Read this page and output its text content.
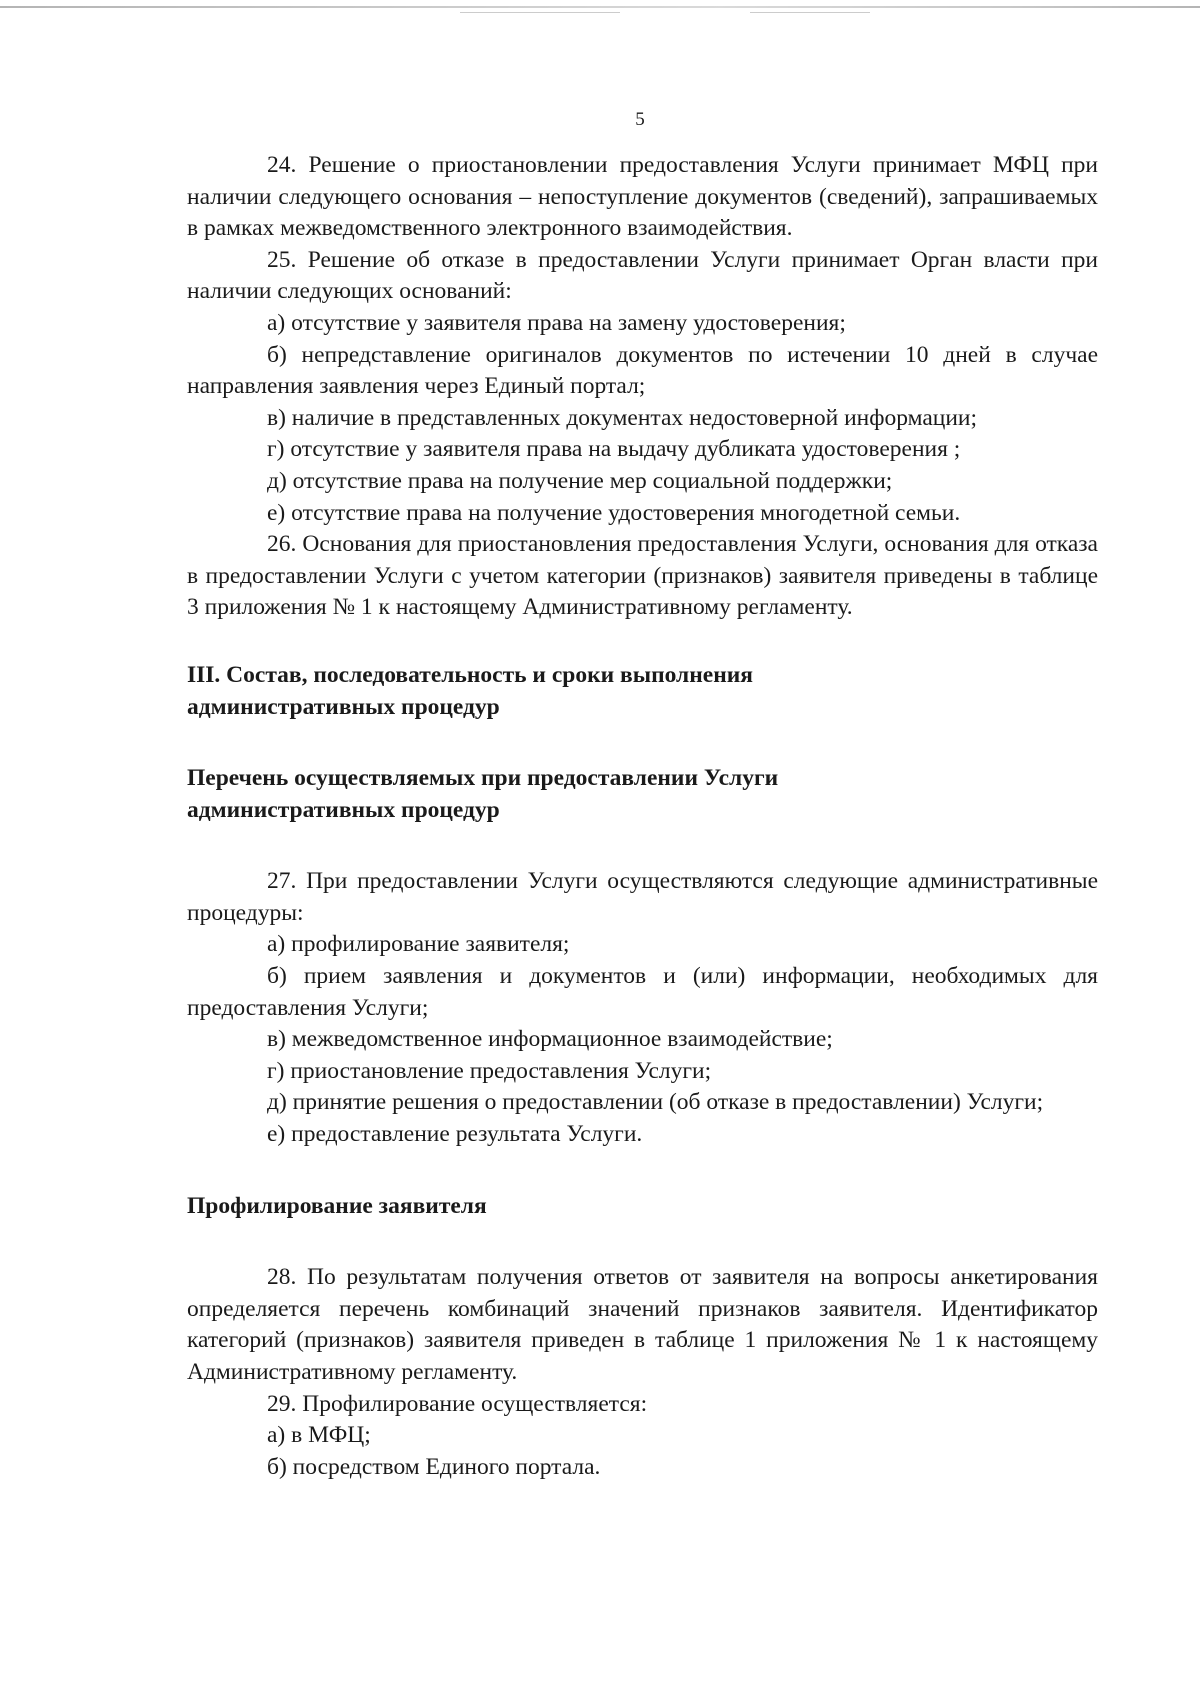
5

24. Решение о приостановлении предоставления Услуги принимает МФЦ при наличии следующего основания – непоступление документов (сведений), запрашиваемых в рамках межведомственного электронного взаимодействия.

25. Решение об отказе в предоставлении Услуги принимает Орган власти при наличии следующих оснований:

а) отсутствие у заявителя права на замену удостоверения;

б) непредставление оригиналов документов по истечении 10 дней в случае направления заявления через Единый портал;

в) наличие в представленных документах недостоверной информации;

г) отсутствие у заявителя права на выдачу дубликата удостоверения ;

д) отсутствие права на получение мер социальной поддержки;

е) отсутствие права на получение удостоверения многодетной семьи.

26. Основания для приостановления предоставления Услуги, основания для отказа в предоставлении Услуги с учетом категории (признаков) заявителя приведены в таблице 3 приложения № 1 к настоящему Административному регламенту.

III. Состав, последовательность и сроки выполнения
административных процедур

Перечень осуществляемых при предоставлении Услуги
административных процедур

27. При предоставлении Услуги осуществляются следующие административные процедуры:

а) профилирование заявителя;

б) прием заявления и документов и (или) информации, необходимых для предоставления Услуги;

в) межведомственное информационное взаимодействие;

г) приостановление предоставления Услуги;

д) принятие решения о предоставлении (об отказе в предоставлении) Услуги;

е) предоставление результата Услуги.

Профилирование заявителя

28. По результатам получения ответов от заявителя на вопросы анкетирования определяется перечень комбинаций значений признаков заявителя. Идентификатор категорий (признаков) заявителя приведен в таблице 1 приложения № 1 к настоящему Административному регламенту.

29. Профилирование осуществляется:

а) в МФЦ;

б) посредством Единого портала.
